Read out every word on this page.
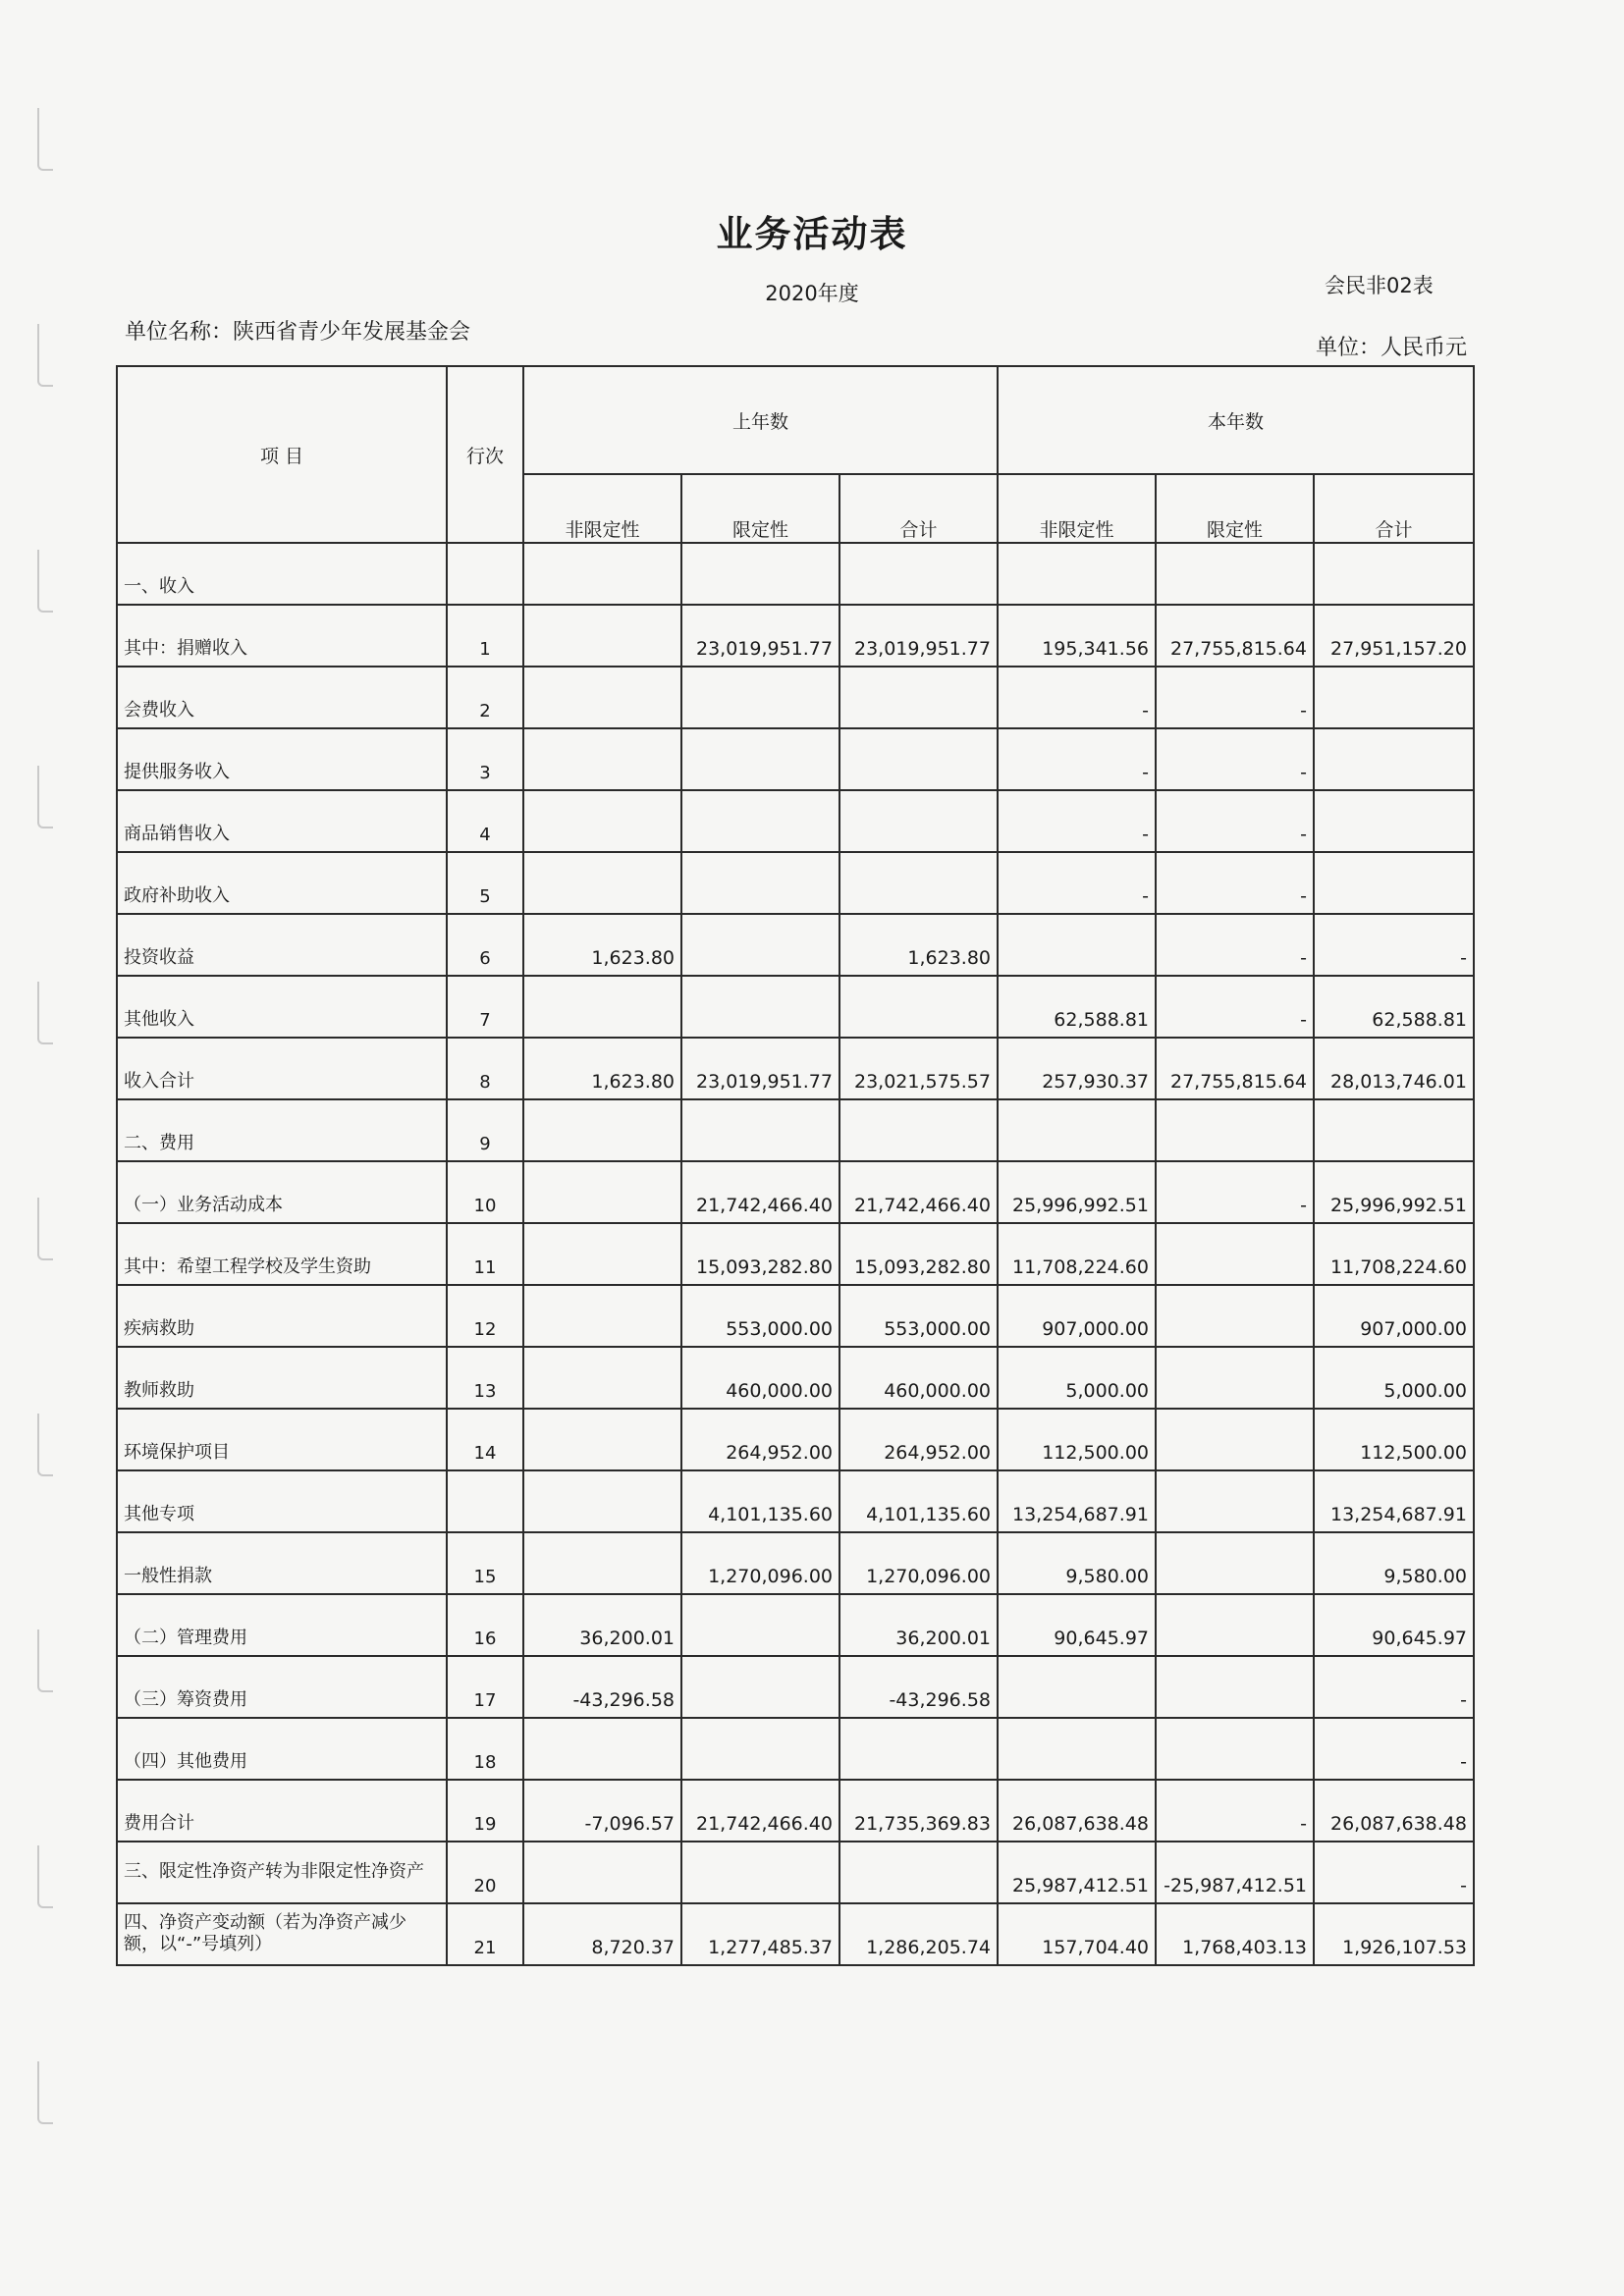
业务活动表
2020年度	会民非02表
单位名称：陕西省青少年发展基金会
单位：人民币元
项 目	行次	上年数			本年数		
		非限定性	限定性	合计	非限定性	限定性	合计
一、收入							
其中：捐赠收入	1		23,019,951.77	23,019,951.77	195,341.56	27,755,815.64	27,951,157.20
会费收入	2				-	-	
提供服务收入	3				-	-	
商品销售收入	4				-	-	
政府补助收入	5				-	-	
投资收益	6	1,623.80		1,623.80		-	-
其他收入	7				62,588.81	-	62,588.81
收入合计	8	1,623.80	23,019,951.77	23,021,575.57	257,930.37	27,755,815.64	28,013,746.01
二、费用	9						
（一）业务活动成本	10		21,742,466.40	21,742,466.40	25,996,992.51	-	25,996,992.51
其中：希望工程学校及学生资助	11		15,093,282.80	15,093,282.80	11,708,224.60		11,708,224.60
疾病救助	12		553,000.00	553,000.00	907,000.00		907,000.00
教师救助	13		460,000.00	460,000.00	5,000.00		5,000.00
环境保护项目	14		264,952.00	264,952.00	112,500.00		112,500.00
其他专项			4,101,135.60	4,101,135.60	13,254,687.91		13,254,687.91
一般性捐款	15		1,270,096.00	1,270,096.00	9,580.00		9,580.00
（二）管理费用	16	36,200.01		36,200.01	90,645.97		90,645.97
（三）筹资费用	17	-43,296.58		-43,296.58			-
（四）其他费用	18						-
费用合计	19	-7,096.57	21,742,466.40	21,735,369.83	26,087,638.48	-	26,087,638.48
三、限定性净资产转为非限定性净资产	20				25,987,412.51	-25,987,412.51	-
四、净资产变动额（若为净资产减少额，以“-”号填列）	21	8,720.37	1,277,485.37	1,286,205.74	157,704.40	1,768,403.13	1,926,107.53
